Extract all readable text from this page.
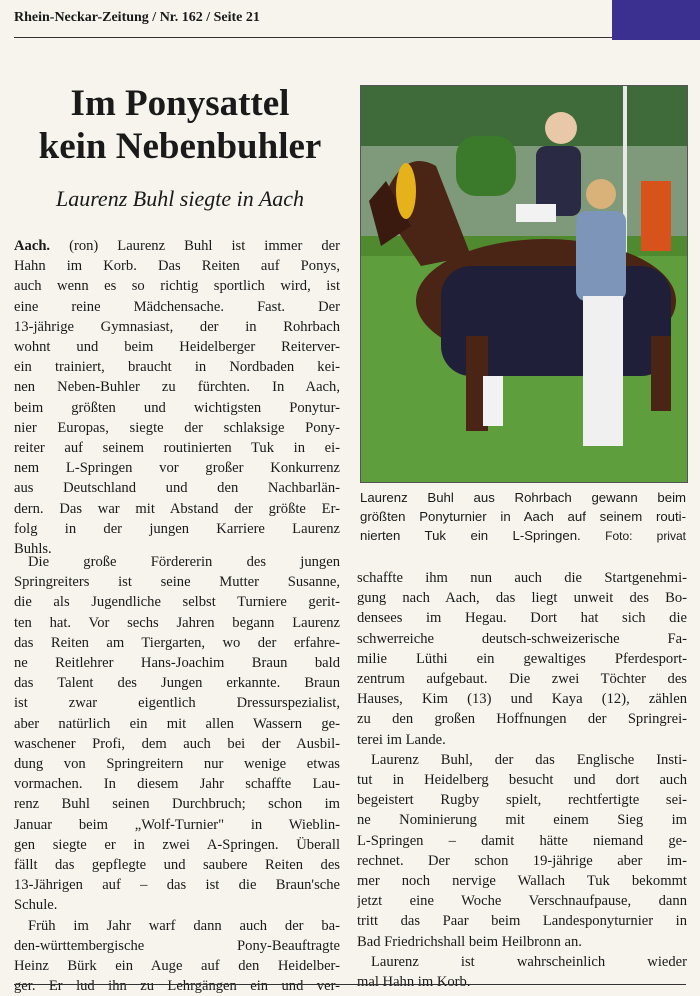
Rhein-Neckar-Zeitung / Nr. 162 / Seite 21
Im Ponysattel
kein Nebenbuhler
Laurenz Buhl siegte in Aach
Aach. (ron) Laurenz Buhl ist immer der
Hahn im Korb. Das Reiten auf Ponys,
auch wenn es so richtig sportlich wird, ist
eine reine Mädchensache. Fast. Der
13-jährige Gymnasiast, der in Rohrbach
wohnt und beim Heidelberger Reiterver-
ein trainiert, braucht in Nordbaden kei-
nen Neben-Buhler zu fürchten. In Aach,
beim größten und wichtigsten Ponytur-
nier Europas, siegte der schlaksige Pony-
reiter auf seinem routinierten Tuk in ei-
nem L-Springen vor großer Konkurrenz
aus Deutschland und den Nachbarlän-
dern. Das war mit Abstand der größte Er-
folg in der jungen Karriere Laurenz
Buhls.
Die große Fördererin des jungen
Springreiters ist seine Mutter Susanne,
die als Jugendliche selbst Turniere gerit-
ten hat. Vor sechs Jahren begann Laurenz
das Reiten am Tiergarten, wo der erfahre-
ne Reitlehrer Hans-Joachim Braun bald
das Talent des Jungen erkannte. Braun
ist zwar eigentlich Dressurspezialist,
aber natürlich ein mit allen Wassern ge-
waschener Profi, dem auch bei der Ausbil-
dung von Springreitern nur wenige etwas
vormachen. In diesem Jahr schaffte Lau-
renz Buhl seinen Durchbruch; schon im
Januar beim „Wolf-Turnier" in Wieblin-
gen siegte er in zwei A-Springen. Überall
fällt das gepflegte und saubere Reiten des
13-Jährigen auf – das ist die Braun'sche
Schule.
Früh im Jahr warf dann auch der ba-
den-württembergische Pony-Beauftragte
Heinz Bürk ein Auge auf den Heidelber-
ger. Er lud ihn zu Lehrgängen ein und ver-
schaffte ihm nun auch die Startgenehmi-
gung nach Aach, das liegt unweit des Bo-
densees im Hegau. Dort hat sich die
schwerreiche deutsch-schweizerische Fa-
milie Lüthi ein gewaltiges Pferdesport-
zentrum aufgebaut. Die zwei Töchter des
Hauses, Kim (13) und Kaya (12), zählen
zu den großen Hoffnungen der Springrei-
terei im Lande.
Laurenz Buhl, der das Englische Insti-
tut in Heidelberg besucht und dort auch
begeistert Rugby spielt, rechtfertigte sei-
ne Nominierung mit einem Sieg im
L-Springen – damit hätte niemand ge-
rechnet. Der schon 19-jährige aber im-
mer noch nervige Wallach Tuk bekommt
jetzt eine Woche Verschnaufpause, dann
tritt das Paar beim Landesponyturnier in
Bad Friedrichshall beim Heilbronn an.
Laurenz ist wahrscheinlich wieder
mal Hahn im Korb.
Laurenz Buhl aus Rohrbach gewann beim
größten Ponyturnier in Aach auf seinem routi-
nierten Tuk ein L-Springen. Foto: privat
